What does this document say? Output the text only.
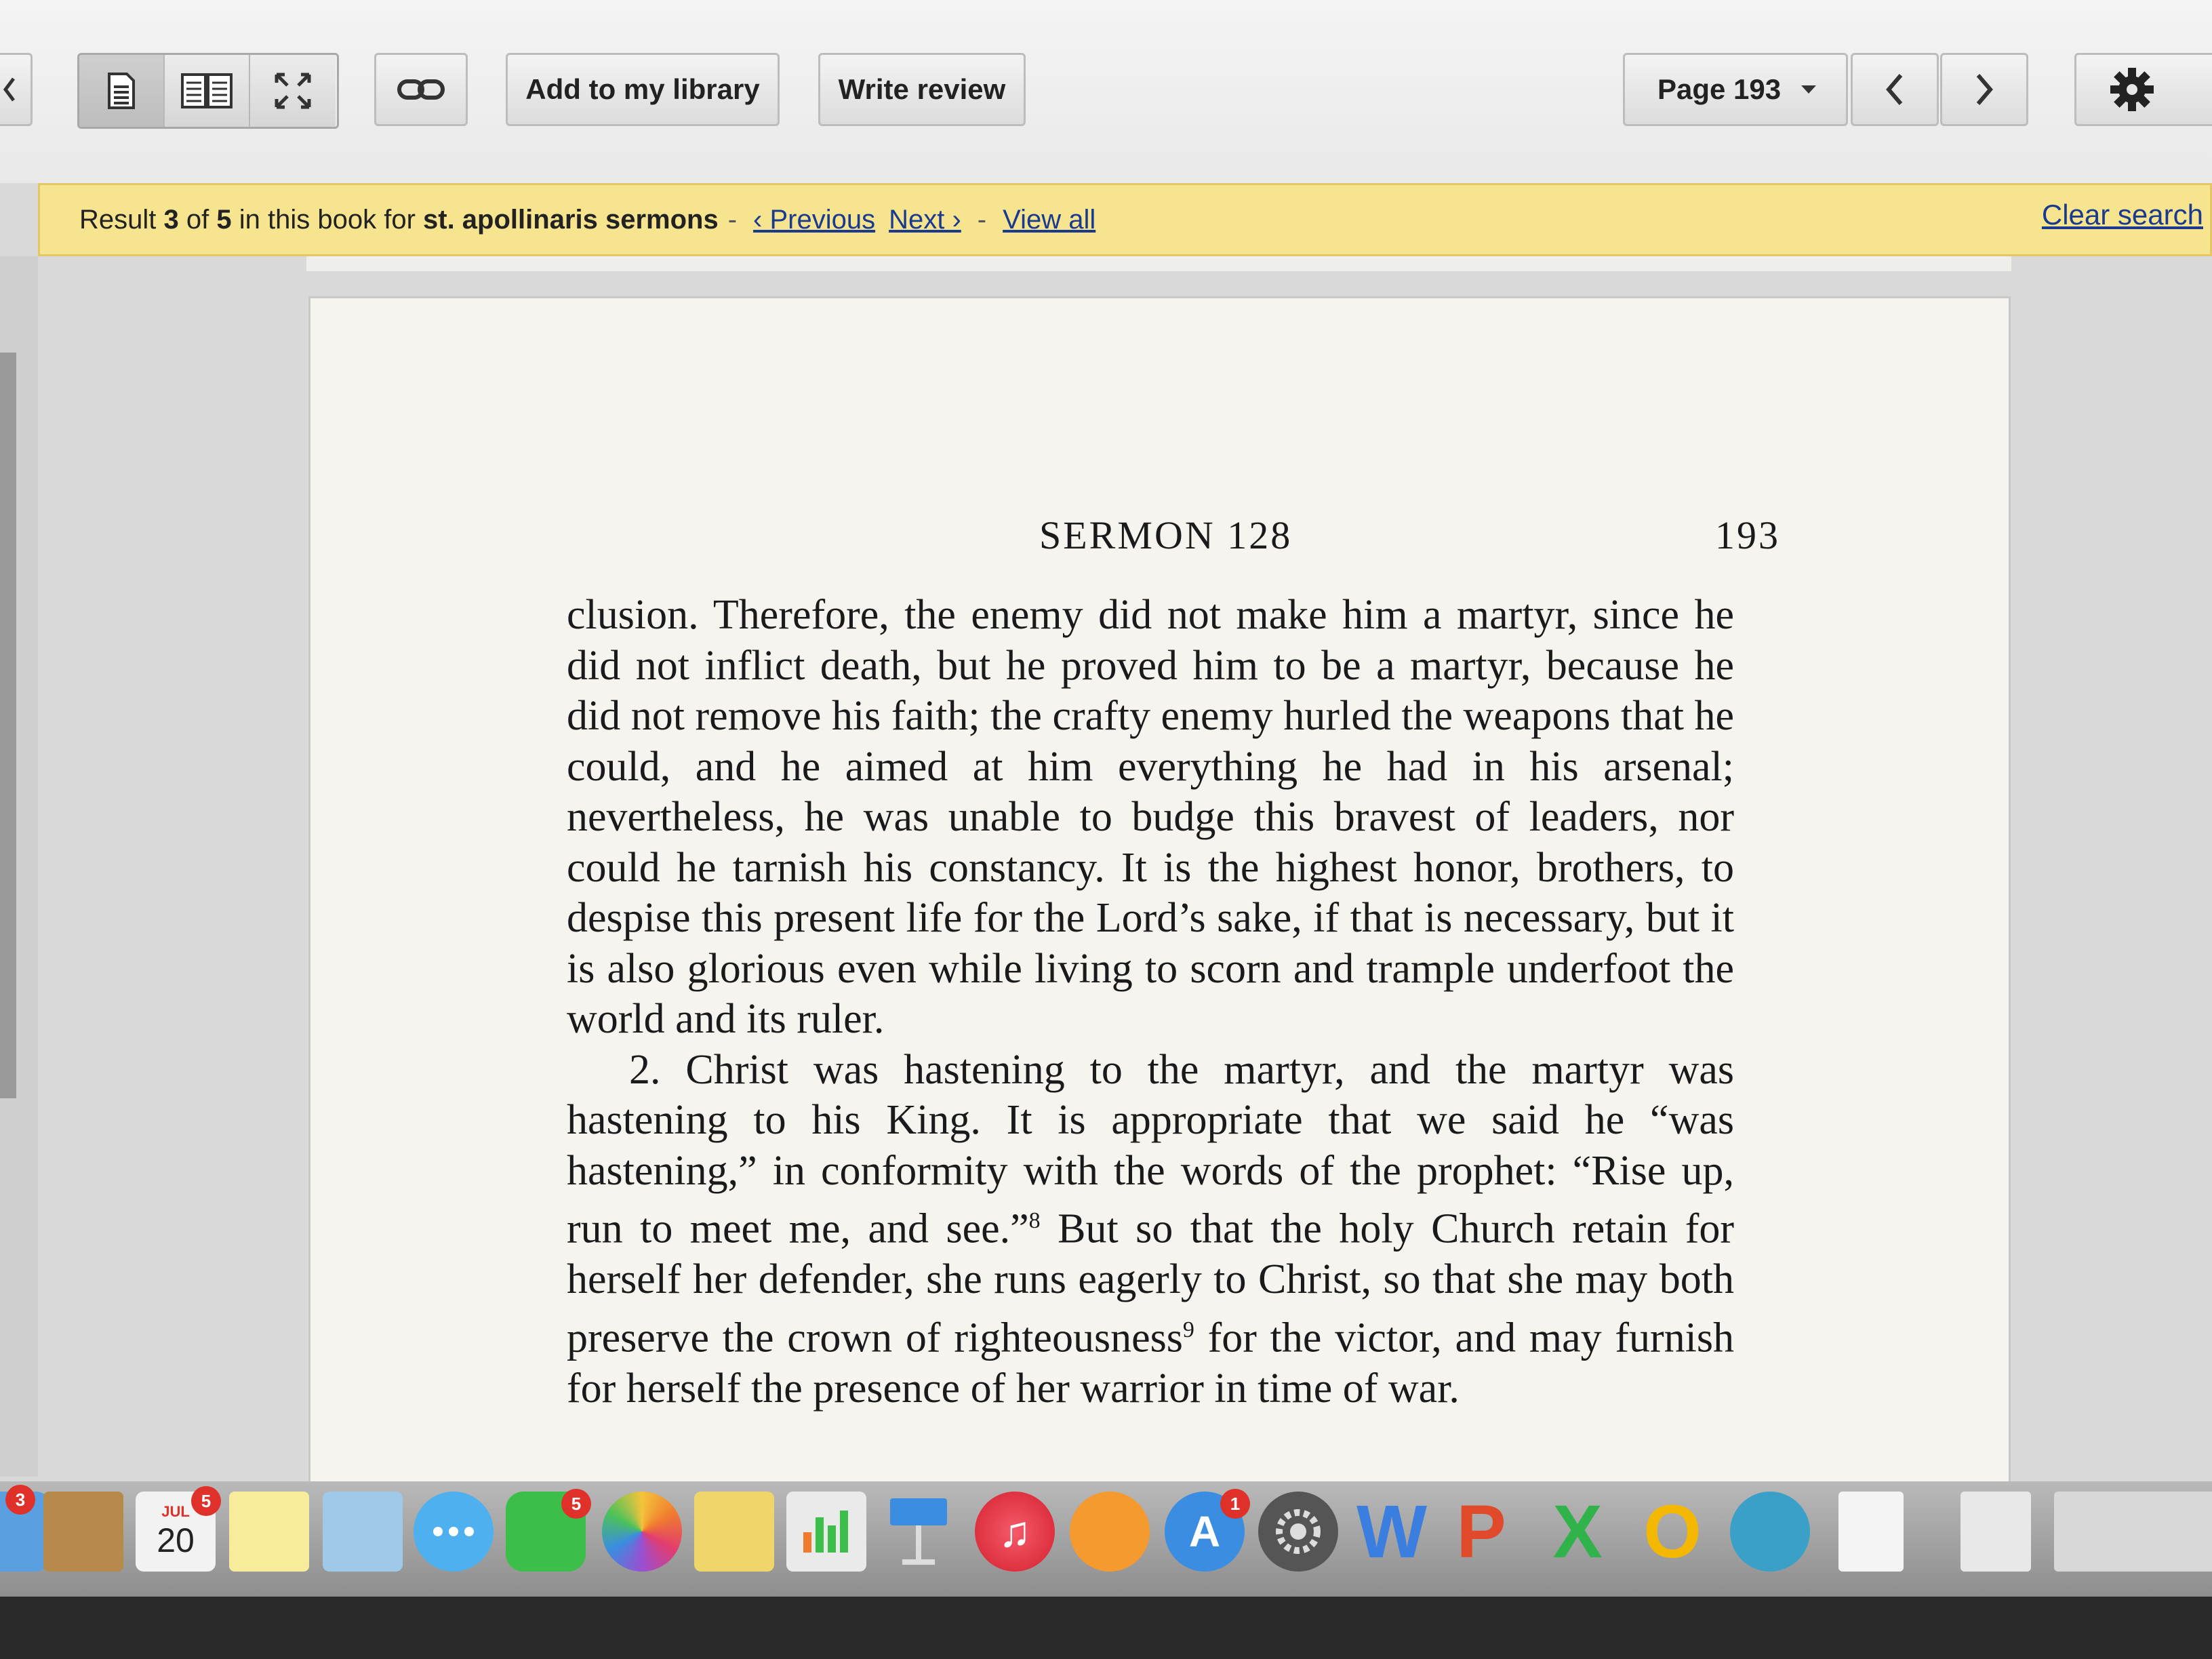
Add to my library	Write review	Page 193
Result 3 of 5 in this book for st. apollinaris sermons - ‹ Previous Next › - View all	Clear search
SERMON 128	193

clusion. Therefore, the enemy did not make him a martyr, since he did not inflict death, but he proved him to be a martyr, because he did not remove his faith; the crafty enemy hurled the weapons that he could, and he aimed at him everything he had in his arsenal; nevertheless, he was unable to budge this bravest of leaders, nor could he tarnish his constancy. It is the highest honor, brothers, to despise this present life for the Lord’s sake, if that is necessary, but it is also glorious even while living to scorn and trample underfoot the world and its ruler.

2. Christ was hastening to the martyr, and the martyr was hastening to his King. It is appropriate that we said he “was hastening,” in conformity with the words of the prophet: “Rise up, run to meet me, and see.”$^8$ But so that the holy Church retain for herself her defender, she runs eagerly to Christ, so that she may both preserve the crown of righteousness$^9$ for the victor, and may furnish for herself the presence of her warrior in time of war.

3
JUL
20
5	5
♫	A
1 W P X O
